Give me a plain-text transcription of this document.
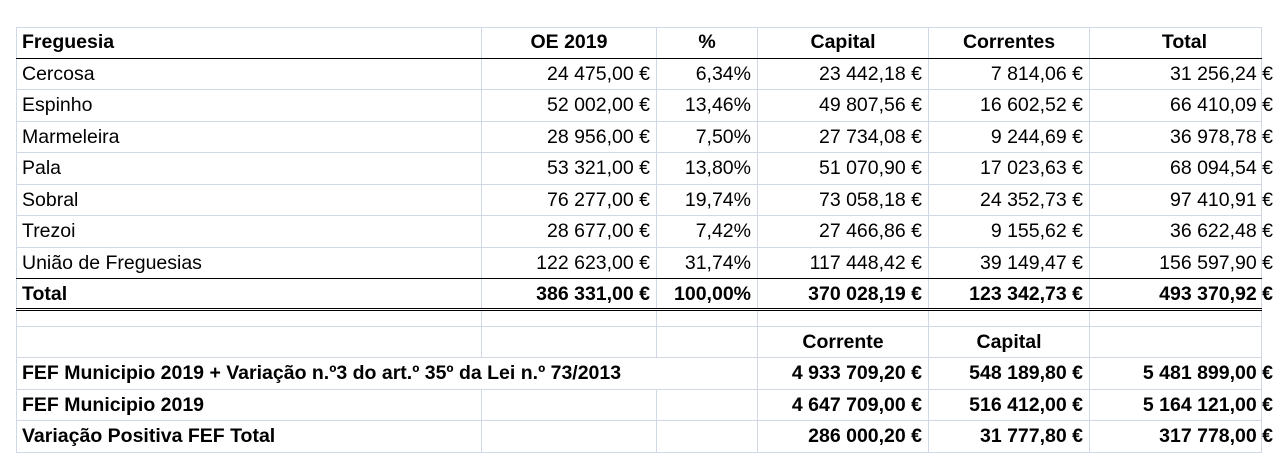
Freguesia	OE 2019	%	Capital	Correntes	Total
Cercosa	24 475,00 €	6,34%	23 442,18 €	7 814,06 €	31 256,24 €
Espinho	52 002,00 €	13,46%	49 807,56 €	16 602,52 €	66 410,09 €
Marmeleira	28 956,00 €	7,50%	27 734,08 €	9 244,69 €	36 978,78 €
Pala	53 321,00 €	13,80%	51 070,90 €	17 023,63 €	68 094,54 €
Sobral	76 277,00 €	19,74%	73 058,18 €	24 352,73 €	97 410,91 €
Trezoi	28 677,00 €	7,42%	27 466,86 €	9 155,62 €	36 622,48 €
União de Freguesias	122 623,00 €	31,74%	117 448,42 €	39 149,47 €	156 597,90 €
Total	386 331,00 €	100,00%	370 028,19 €	123 342,73 €	493 370,92 €
Corrente	Capital
FEF Municipio 2019 + Variação n.º3 do art.º 35º da Lei n.º 73/2013	4 933 709,20 €	548 189,80 €	5 481 899,00 €
FEF Municipio 2019	4 647 709,00 €	516 412,00 €	5 164 121,00 €
Variação Positiva FEF Total	286 000,20 €	31 777,80 €	317 778,00 €
